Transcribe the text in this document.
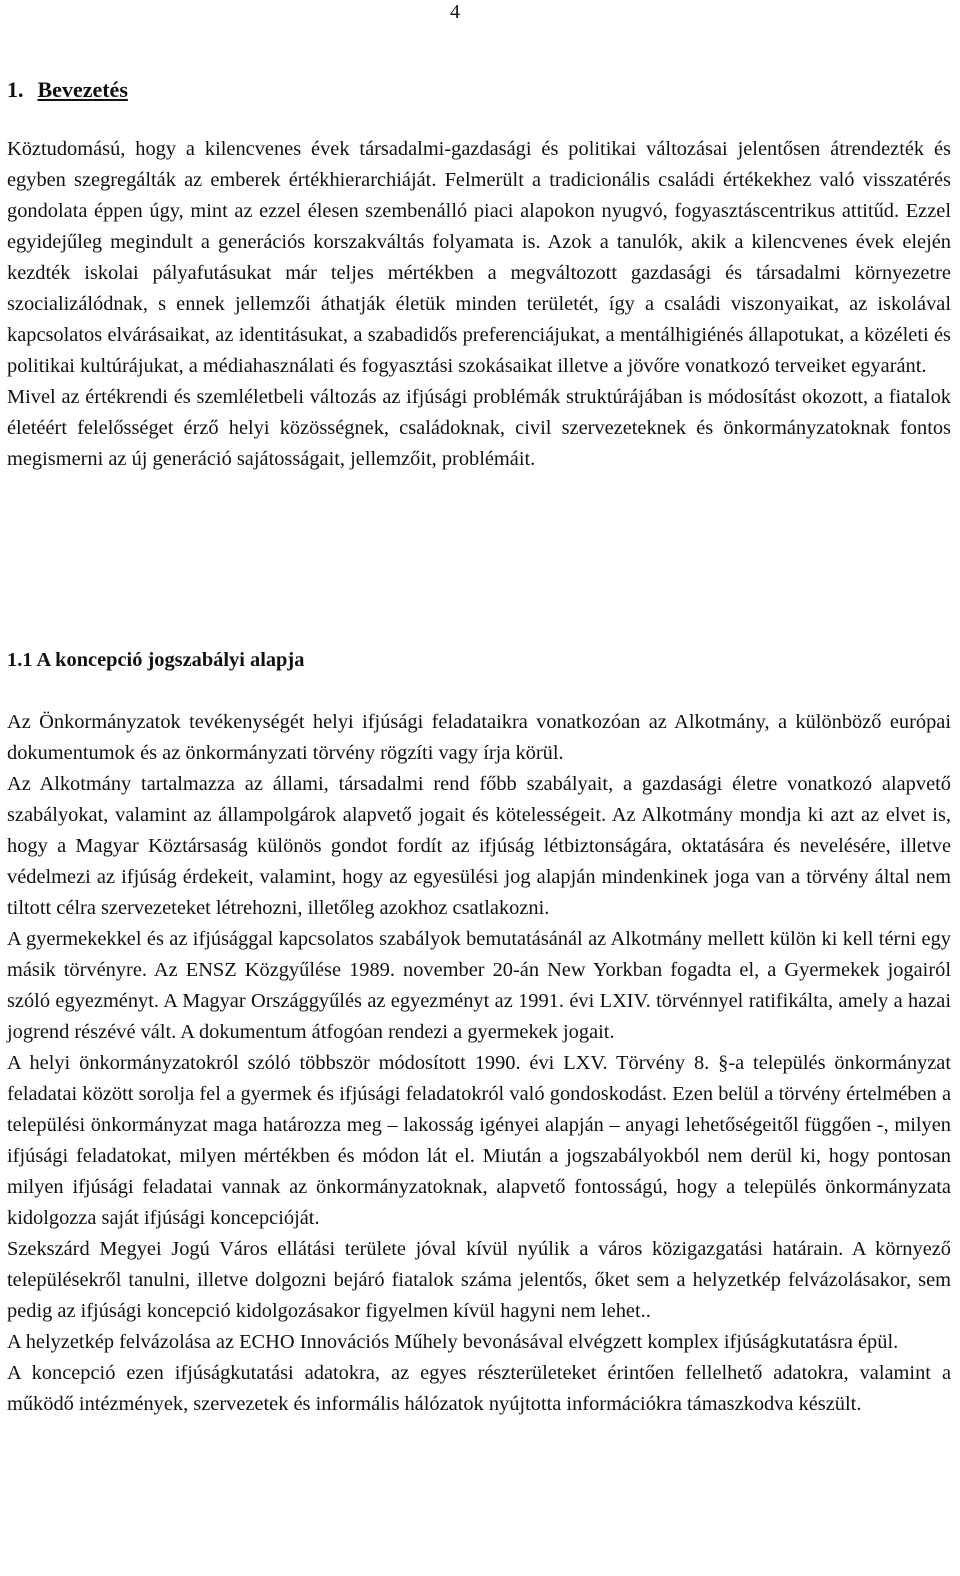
4
1. Bevezetés

Köztudomású, hogy a kilencvenes évek társadalmi-gazdasági és politikai változásai jelentősen átrendezték és egyben szegregálták az emberek értékhierarchiáját. Felmerült a tradicionális családi értékekhez való visszatérés gondolata éppen úgy, mint az ezzel élesen szembenálló piaci alapokon nyugvó, fogyasztáscentrikus attitűd. Ezzel egyidejűleg megindult a generációs korszakváltás folyamata is. Azok a tanulók, akik a kilencvenes évek elején kezdték iskolai pályafutásukat már teljes mértékben a megváltozott gazdasági és társadalmi környezetre szocializálódnak, s ennek jellemzői áthatják életük minden területét, így a családi viszonyaikat, az iskolával kapcsolatos elvárásaikat, az identitásukat, a szabadidős preferenciájukat, a mentálhigiénés állapotukat, a közéleti és politikai kultúrájukat, a médiahasználati és fogyasztási szokásaikat illetve a jövőre vonatkozó terveiket egyaránt.

Mivel az értékrendi és szemléletbeli változás az ifjúsági problémák struktúrájában is módosítást okozott, a fiatalok életéért felelősséget érző helyi közösségnek, családoknak, civil szervezeteknek és önkormányzatoknak fontos megismerni az új generáció sajátosságait, jellemzőit, problémáit.

1.1 A koncepció jogszabályi alapja

Az Önkormányzatok tevékenységét helyi ifjúsági feladataikra vonatkozóan az Alkotmány, a különböző európai dokumentumok és az önkormányzati törvény rögzíti vagy írja körül.

Az Alkotmány tartalmazza az állami, társadalmi rend főbb szabályait, a gazdasági életre vonatkozó alapvető szabályokat, valamint az állampolgárok alapvető jogait és kötelességeit. Az Alkotmány mondja ki azt az elvet is, hogy a Magyar Köztársaság különös gondot fordít az ifjúság létbiztonságára, oktatására és nevelésére, illetve védelmezi az ifjúság érdekeit, valamint, hogy az egyesülési jog alapján mindenkinek joga van a törvény által nem tiltott célra szervezeteket létrehozni, illetőleg azokhoz csatlakozni.

A gyermekekkel és az ifjúsággal kapcsolatos szabályok bemutatásánál az Alkotmány mellett külön ki kell térni egy másik törvényre. Az ENSZ Közgyűlése 1989. november 20-án New Yorkban fogadta el, a Gyermekek jogairól szóló egyezményt. A Magyar Országgyűlés az egyezményt az 1991. évi LXIV. törvénnyel ratifikálta, amely a hazai jogrend részévé vált. A dokumentum átfogóan rendezi a gyermekek jogait.

A helyi önkormányzatokról szóló többször módosított 1990. évi LXV. Törvény 8. §-a település önkormányzat feladatai között sorolja fel a gyermek és ifjúsági feladatokról való gondoskodást. Ezen belül a törvény értelmében a települési önkormányzat maga határozza meg – lakosság igényei alapján – anyagi lehetőségeitől függően -, milyen ifjúsági feladatokat, milyen mértékben és módon lát el. Miután a jogszabályokból nem derül ki, hogy pontosan milyen ifjúsági feladatai vannak az önkormányzatoknak, alapvető fontosságú, hogy a település önkormányzata kidolgozza saját ifjúsági koncepcióját.

Szekszárd Megyei Jogú Város ellátási területe jóval kívül nyúlik a város közigazgatási határain. A környező településekről tanulni, illetve dolgozni bejáró fiatalok száma jelentős, őket sem a helyzetkép felvázolásakor, sem pedig az ifjúsági koncepció kidolgozásakor figyelmen kívül hagyni nem lehet..

A helyzetkép felvázolása az ECHO Innovációs Műhely bevonásával elvégzett komplex ifjúságkutatásra épül.

A koncepció ezen ifjúságkutatási adatokra, az egyes részterületeket érintően fellelhető adatokra, valamint a működő intézmények, szervezetek és informális hálózatok nyújtotta információkra támaszkodva készült.
